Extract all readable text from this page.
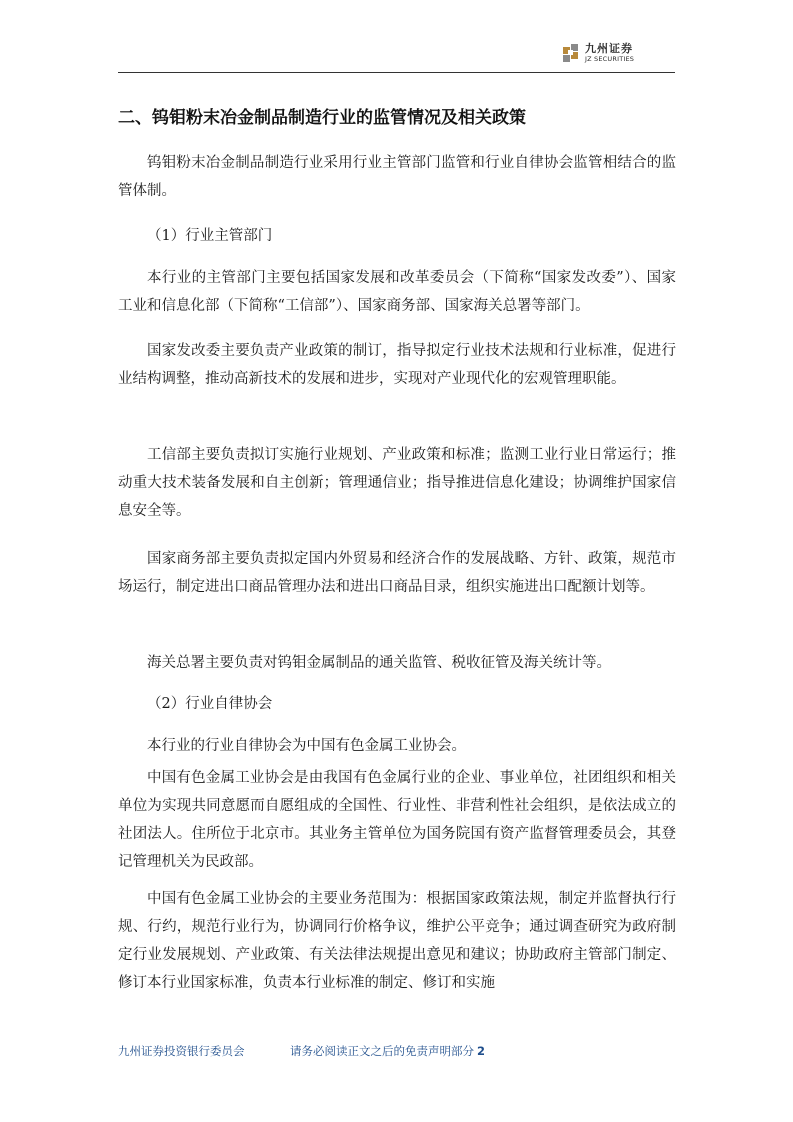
九州证券
JZ SECURITIES
二、钨钼粉末冶金制品制造行业的监管情况及相关政策

钨钼粉末冶金制品制造行业采用行业主管部门监管和行业自律协会监管相结合的监管体制。

（1）行业主管部门

本行业的主管部门主要包括国家发展和改革委员会（下简称“国家发改委”）、国家工业和信息化部（下简称“工信部”）、国家商务部、国家海关总署等部门。

国家发改委主要负责产业政策的制订，指导拟定行业技术法规和行业标准，促进行业结构调整，推动高新技术的发展和进步，实现对产业现代化的宏观管理职能。

工信部主要负责拟订实施行业规划、产业政策和标准；监测工业行业日常运行；推动重大技术装备发展和自主创新；管理通信业；指导推进信息化建设；协调维护国家信息安全等。

国家商务部主要负责拟定国内外贸易和经济合作的发展战略、方针、政策，规范市场运行，制定进出口商品管理办法和进出口商品目录，组织实施进出口配额计划等。

海关总署主要负责对钨钼金属制品的通关监管、税收征管及海关统计等。

（2）行业自律协会

本行业的行业自律协会为中国有色金属工业协会。

中国有色金属工业协会是由我国有色金属行业的企业、事业单位，社团组织和相关单位为实现共同意愿而自愿组成的全国性、行业性、非营利性社会组织，是依法成立的社团法人。住所位于北京市。其业务主管单位为国务院国有资产监督管理委员会，其登记管理机关为民政部。

中国有色金属工业协会的主要业务范围为：根据国家政策法规，制定并监督执行行规、行约，规范行业行为，协调同行价格争议，维护公平竞争；通过调查研究为政府制定行业发展规划、产业政策、有关法律法规提出意见和建议；协助政府主管部门制定、修订本行业国家标准，负责本行业标准的制定、修订和实施

九州证券投资银行委员会	请务必阅读正文之后的免责声明部分 2
